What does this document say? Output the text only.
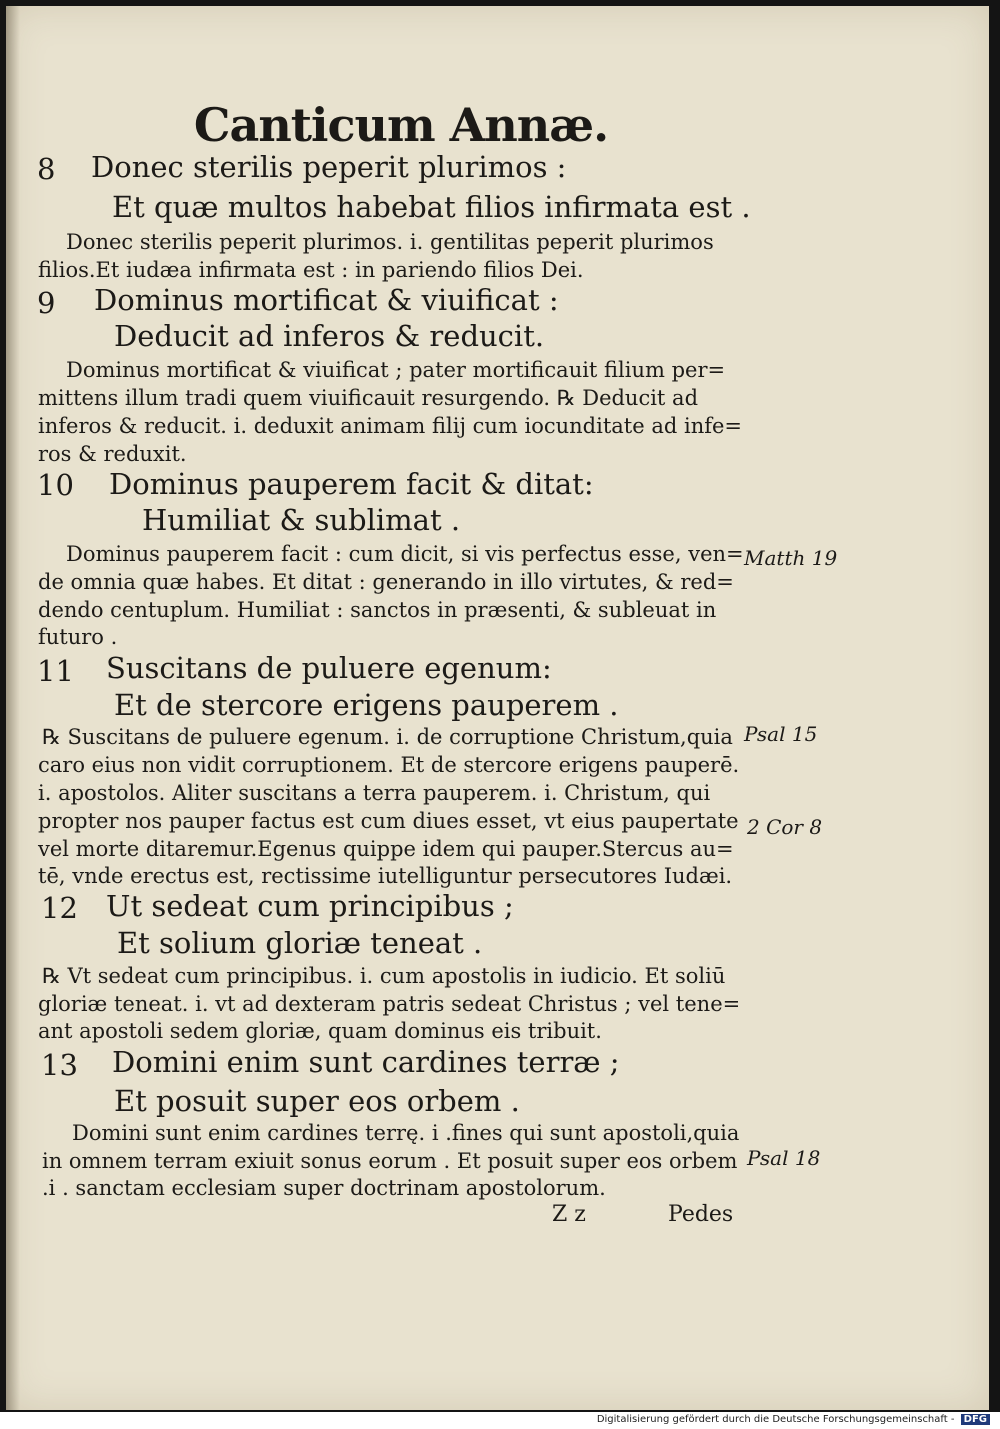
Canticum Annæ.
8 Donec sterilis peperit plurimos :
Et quæ multos habebat filios infirmata est .
Donec sterilis peperit plurimos. i. gentilitas peperit plurimos
filios.Et iudæa infirmata est : in pariendo filios Dei.
9 Dominus mortificat & viuificat :
Deducit ad inferos & reducit.
Dominus mortificat & viuificat ; pater mortificauit filium per=
mittens illum tradi quem viuificauit resurgendo. ℞ Deducit ad
inferos & reducit. i. deduxit animam filij cum iocunditate ad infe=
ros & reduxit.
10 Dominus pauperem facit & ditat:
Humiliat & sublimat .
Dominus pauperem facit : cum dicit, si vis perfectus esse, ven=
de omnia quæ habes. Et ditat : generando in illo virtutes, & red=
dendo centuplum. Humiliat : sanctos in præsenti, & subleuat in
futuro .
Matth 19
11 Suscitans de puluere egenum:
Et de stercore erigens pauperem .
℞ Suscitans de puluere egenum. i. de corruptione Christum,quia
caro eius non vidit corruptionem. Et de stercore erigens pauperē.
i. apostolos. Aliter suscitans a terra pauperem. i. Christum, qui
propter nos pauper factus est cum diues esset, vt eius paupertate
vel morte ditaremur.Egenus quippe idem qui pauper.Stercus au=
tē, vnde erectus est, rectissime iutelliguntur persecutores Iudæi.
Psal 15
2 Cor 8
12 Ut sedeat cum principibus ;
Et solium gloriæ teneat .
℞ Vt sedeat cum principibus. i. cum apostolis in iudicio. Et soliū
gloriæ teneat. i. vt ad dexteram patris sedeat Christus ; vel tene=
ant apostoli sedem gloriæ, quam dominus eis tribuit.
13 Domini enim sunt cardines terræ ;
Et posuit super eos orbem .
Domini sunt enim cardines terrę. i .fines qui sunt apostoli,quia
in omnem terram exiuit sonus eorum . Et posuit super eos orbem
.i . sanctam ecclesiam super doctrinam apostolorum.
Psal 18
Z z	Pedes
Digitalisierung gefördert durch die Deutsche Forschungsgemeinschaft - DFG
